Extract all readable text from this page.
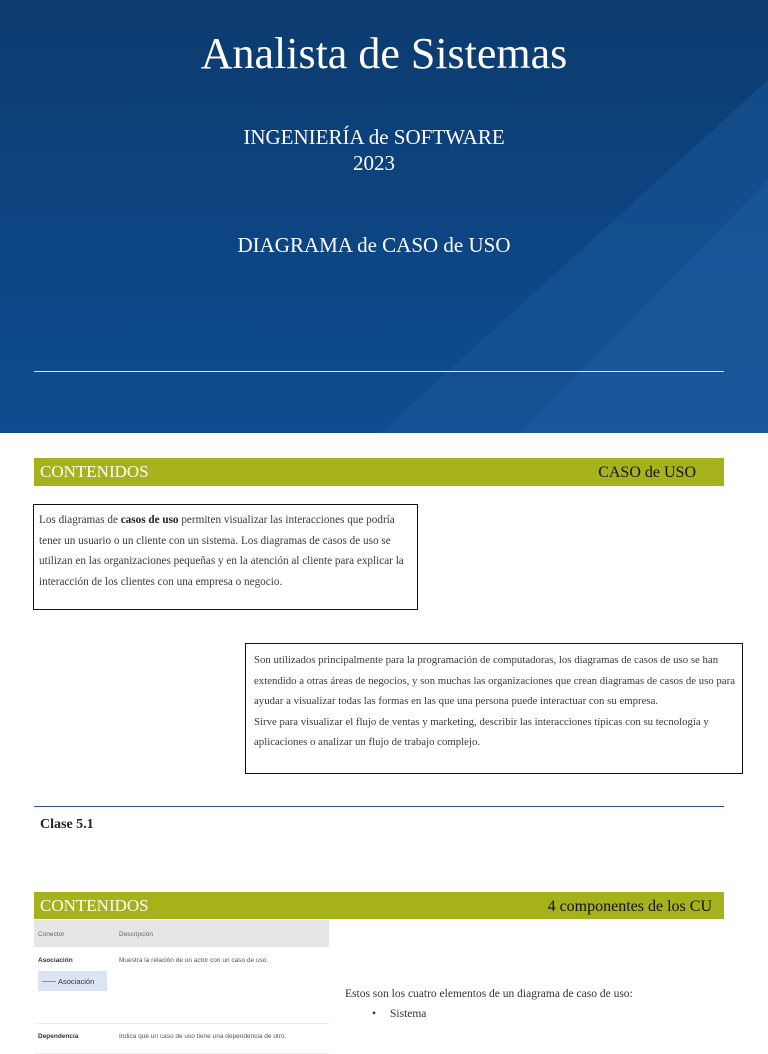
Analista de Sistemas
INGENIERÍA de SOFTWARE
2023
DIAGRAMA de CASO de USO
CONTENIDOS	CASO de USO
Los diagramas de casos de uso permiten visualizar las interacciones que podría tener un usuario o un cliente con un sistema. Los diagramas de casos de uso se utilizan en las organizaciones pequeñas y en la atención al cliente para explicar la interacción de los clientes con una empresa o negocio.
Son utilizados principalmente para la programación de computadoras, los diagramas de casos de uso se han extendido a otras áreas de negocios, y son muchas las organizaciones que crean diagramas de casos de uso para ayudar a visualizar todas las formas en las que una persona puede interactuar con su empresa.
Sirve para visualizar el flujo de ventas y marketing, describir las interacciones típicas con su tecnología y aplicaciones o analizar un flujo de trabajo complejo.
Clase 5.1
CONTENIDOS	4 componentes de los CU
Conector	Descripción
Asociación	Muestra la relación de un actor con un caso de uso.
Asociación
Dependencia	Indica que un caso de uso tiene una dependencia de otro.
Estos son los cuatro elementos de un diagrama de caso de uso:
• Sistema
